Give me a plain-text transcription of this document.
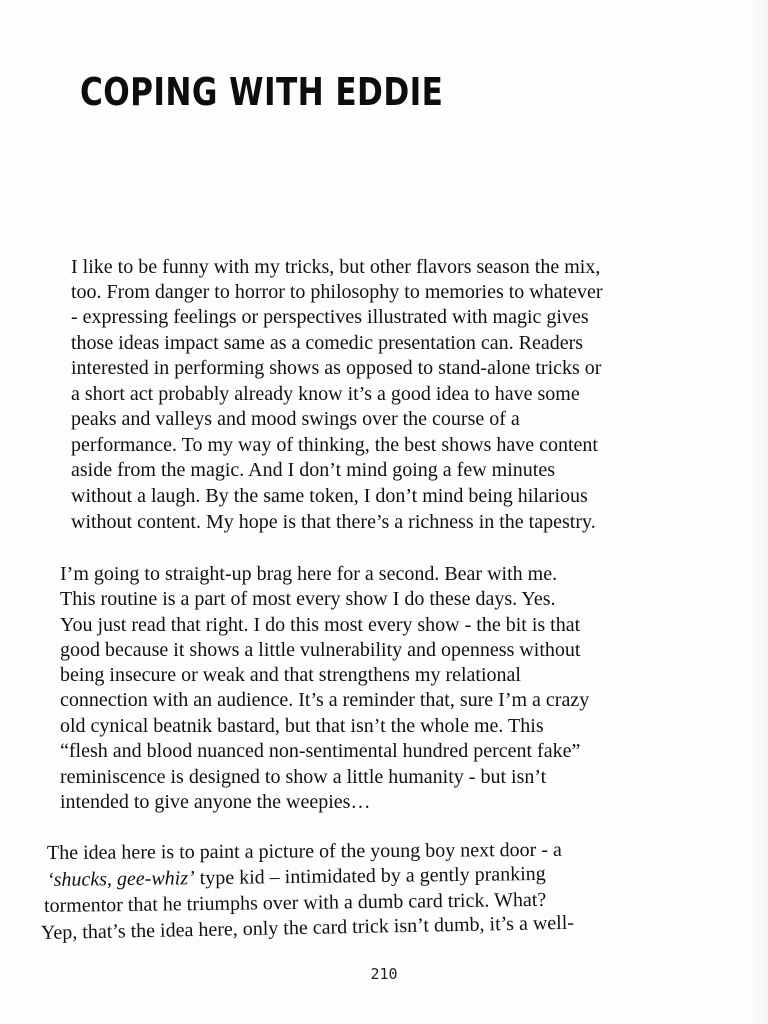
COPING WITH EDDIE
I like to be funny with my tricks, but other flavors season the mix,
too. From danger to horror to philosophy to memories to whatever
- expressing feelings or perspectives illustrated with magic gives
those ideas impact same as a comedic presentation can. Readers
interested in performing shows as opposed to stand-alone tricks or
a short act probably already know it’s a good idea to have some
peaks and valleys and mood swings over the course of a
performance. To my way of thinking, the best shows have content
aside from the magic. And I don’t mind going a few minutes
without a laugh. By the same token, I don’t mind being hilarious
without content. My hope is that there’s a richness in the tapestry.
I’m going to straight-up brag here for a second. Bear with me.
This routine is a part of most every show I do these days. Yes.
You just read that right. I do this most every show - the bit is that
good because it shows a little vulnerability and openness without
being insecure or weak and that strengthens my relational
connection with an audience. It’s a reminder that, sure I’m a crazy
old cynical beatnik bastard, but that isn’t the whole me. This
“flesh and blood nuanced non-sentimental hundred percent fake”
reminiscence is designed to show a little humanity - but isn’t
intended to give anyone the weepies…
The idea here is to paint a picture of the young boy next door - a
‘shucks, gee-whiz’ type kid – intimidated by a gently pranking
tormentor that he triumphs over with a dumb card trick. What?
Yep, that’s the idea here, only the card trick isn’t dumb, it’s a well-
210
